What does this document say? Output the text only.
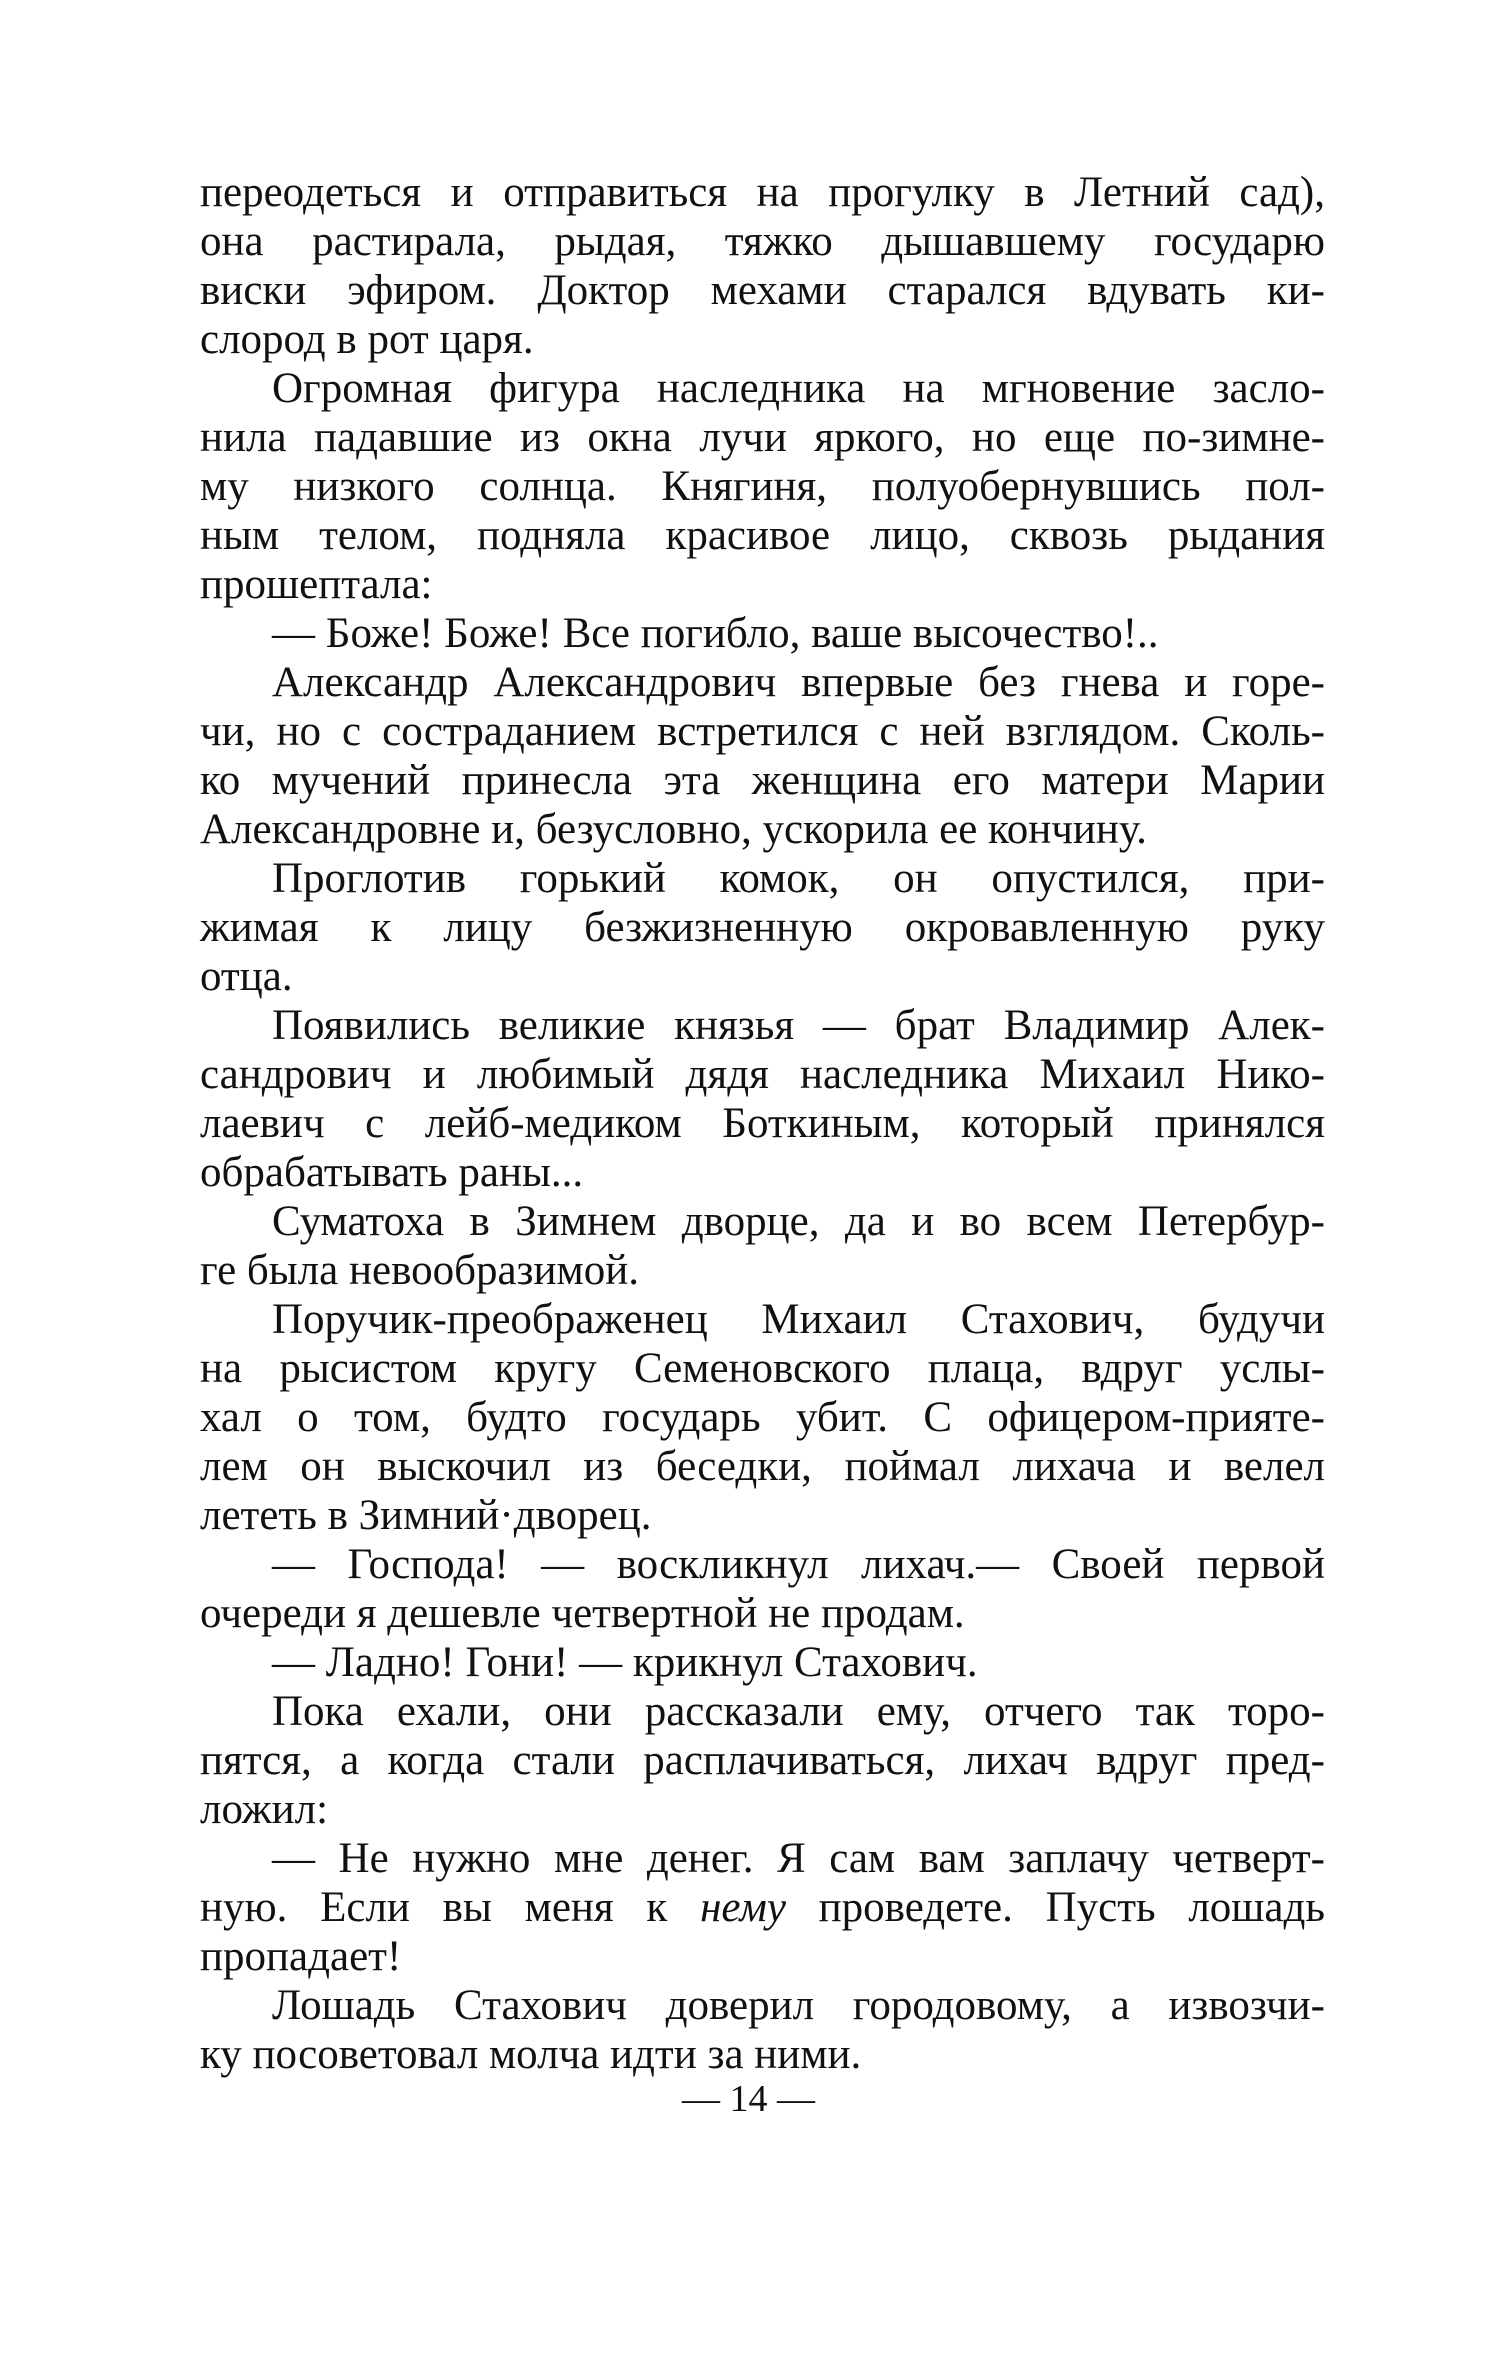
переодеться и отправиться на прогулку в Летний сад),
она растирала, рыдая, тяжко дышавшему государю
виски эфиром. Доктор мехами старался вдувать ки-
слород в рот царя.
Огромная фигура наследника на мгновение засло-
нила падавшие из окна лучи яркого, но еще по-зимне-
му низкого солнца. Княгиня, полуобернувшись пол-
ным телом, подняла красивое лицо, сквозь рыдания
прошептала:
— Боже! Боже! Все погибло, ваше высочество!..
Александр Александрович впервые без гнева и горе-
чи, но с состраданием встретился с ней взглядом. Сколь-
ко мучений принесла эта женщина его матери Марии
Александровне и, безусловно, ускорила ее кончину.
Проглотив горький комок, он опустился, при-
жимая к лицу безжизненную окровавленную руку
отца.
Появились великие князья — брат Владимир Алек-
сандрович и любимый дядя наследника Михаил Нико-
лаевич с лейб-медиком Боткиным, который принялся
обрабатывать раны...
Суматоха в Зимнем дворце, да и во всем Петербур-
ге была невообразимой.
Поручик-преображенец Михаил Стахович, будучи
на рысистом кругу Семеновского плаца, вдруг услы-
хал о том, будто государь убит. С офицером-прияте-
лем он выскочил из беседки, поймал лихача и велел
лететь в Зимний·дворец.
— Господа! — воскликнул лихач.— Своей первой
очереди я дешевле четвертной не продам.
— Ладно! Гони! — крикнул Стахович.
Пока ехали, они рассказали ему, отчего так торо-
пятся, а когда стали расплачиваться, лихач вдруг пред-
ложил:
— Не нужно мне денег. Я сам вам заплачу четверт-
ную. Если вы меня к нему проведете. Пусть лошадь
пропадает!
Лошадь Стахович доверил городовому, а извозчи-
ку посоветовал молча идти за ними.
— 14 —
